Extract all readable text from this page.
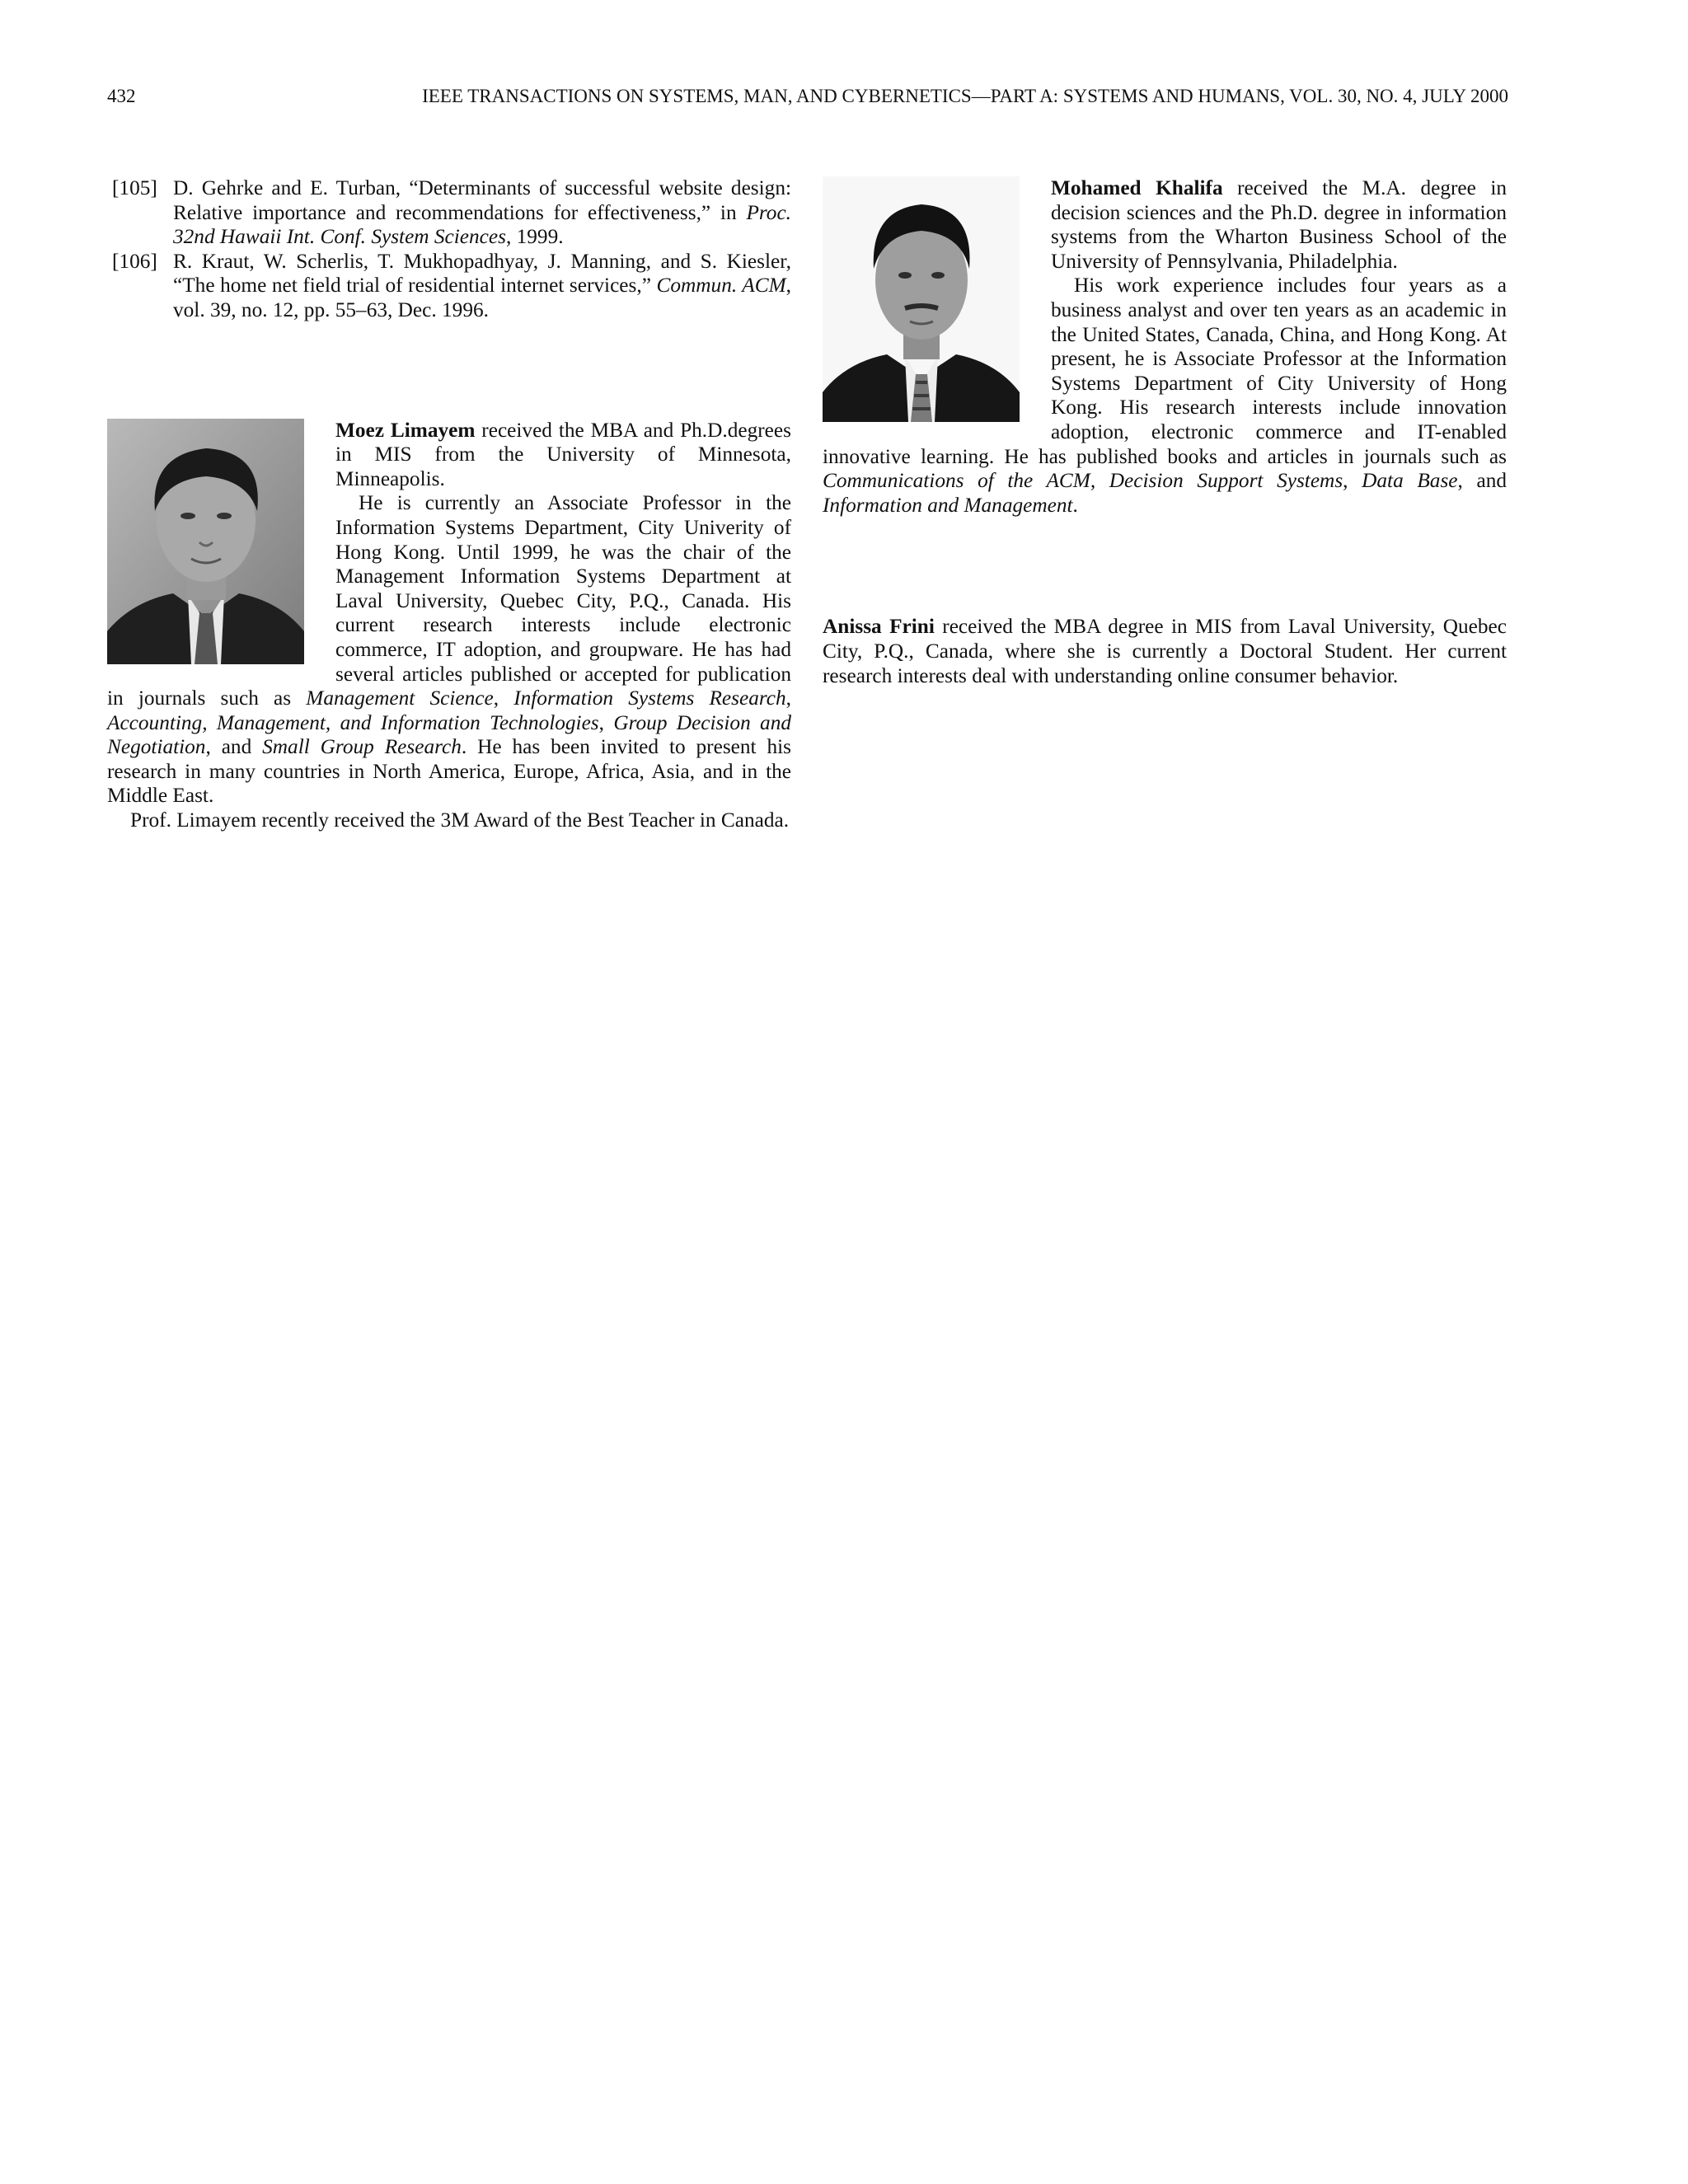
432	IEEE TRANSACTIONS ON SYSTEMS, MAN, AND CYBERNETICS—PART A: SYSTEMS AND HUMANS, VOL. 30, NO. 4, JULY 2000
[105] D. Gehrke and E. Turban, “Determinants of successful website design: Relative importance and recommendations for effectiveness,” in Proc. 32nd Hawaii Int. Conf. System Sciences, 1999.
[106] R. Kraut, W. Scherlis, T. Mukhopadhyay, J. Manning, and S. Kiesler, “The home net field trial of residential internet services,” Commun. ACM, vol. 39, no. 12, pp. 55–63, Dec. 1996.

Moez Limayem received the MBA and Ph.D.degrees in MIS from the University of Minnesota, Minneapolis.

He is currently an Associate Professor in the Information Systems Department, City Univerity of Hong Kong. Until 1999, he was the chair of the Management Information Systems Department at Laval University, Quebec City, P.Q., Canada. His current research interests include electronic commerce, IT adoption, and groupware. He has had several articles published or accepted for publication in journals such as Management Science, Information Systems Research, Accounting, Management, and Information Technologies, Group Decision and Negotiation, and Small Group Research. He has been invited to present his research in many countries in North America, Europe, Africa, Asia, and in the Middle East.

Prof. Limayem recently received the 3M Award of the Best Teacher in Canada.

Mohamed Khalifa received the M.A. degree in decision sciences and the Ph.D. degree in information systems from the Wharton Business School of the University of Pennsylvania, Philadelphia.

His work experience includes four years as a business analyst and over ten years as an academic in the United States, Canada, China, and Hong Kong. At present, he is Associate Professor at the Information Systems Department of City University of Hong Kong. His research interests include innovation adoption, electronic commerce and IT-enabled innovative learning. He has published books and articles in journals such as Communications of the ACM, Decision Support Systems, Data Base, and Information and Management.

Anissa Frini received the MBA degree in MIS from Laval University, Quebec City, P.Q., Canada, where she is currently a Doctoral Student. Her current research interests deal with understanding online consumer behavior.
